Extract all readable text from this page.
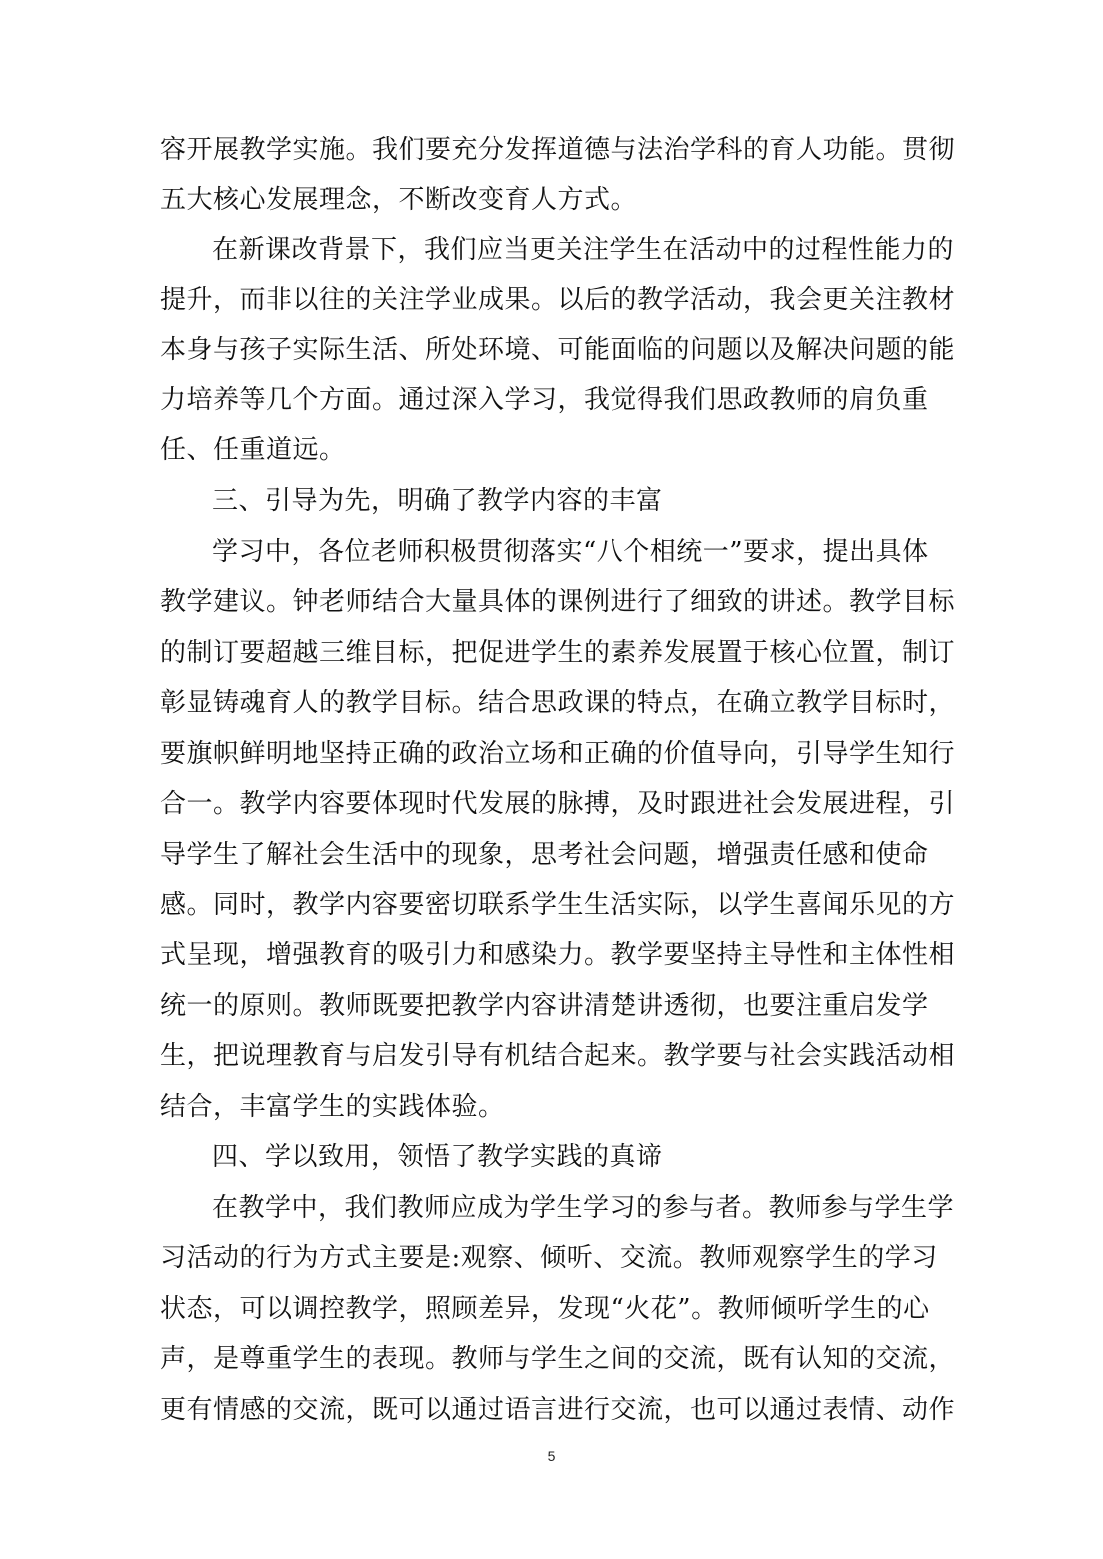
容开展教学实施。我们要充分发挥道德与法治学科的育人功能。贯彻
五大核心发展理念，不断改变育人方式。
在新课改背景下，我们应当更关注学生在活动中的过程性能力的
提升，而非以往的关注学业成果。以后的教学活动，我会更关注教材
本身与孩子实际生活、所处环境、可能面临的问题以及解决问题的能
力培养等几个方面。通过深入学习，我觉得我们思政教师的肩负重
任、任重道远。
三、引导为先，明确了教学内容的丰富
学习中，各位老师积极贯彻落实“八个相统一”要求，提出具体
教学建议。钟老师结合大量具体的课例进行了细致的讲述。教学目标
的制订要超越三维目标，把促进学生的素养发展置于核心位置，制订
彰显铸魂育人的教学目标。结合思政课的特点，在确立教学目标时，
要旗帜鲜明地坚持正确的政治立场和正确的价值导向，引导学生知行
合一。教学内容要体现时代发展的脉搏，及时跟进社会发展进程，引
导学生了解社会生活中的现象，思考社会问题，增强责任感和使命
感。同时，教学内容要密切联系学生生活实际，以学生喜闻乐见的方
式呈现，增强教育的吸引力和感染力。教学要坚持主导性和主体性相
统一的原则。教师既要把教学内容讲清楚讲透彻，也要注重启发学
生，把说理教育与启发引导有机结合起来。教学要与社会实践活动相
结合，丰富学生的实践体验。
四、学以致用，领悟了教学实践的真谛
在教学中，我们教师应成为学生学习的参与者。教师参与学生学
习活动的行为方式主要是:观察、倾听、交流。教师观察学生的学习
状态，可以调控教学，照顾差异，发现“火花”。教师倾听学生的心
声，是尊重学生的表现。教师与学生之间的交流，既有认知的交流，
更有情感的交流，既可以通过语言进行交流，也可以通过表情、动作
5
